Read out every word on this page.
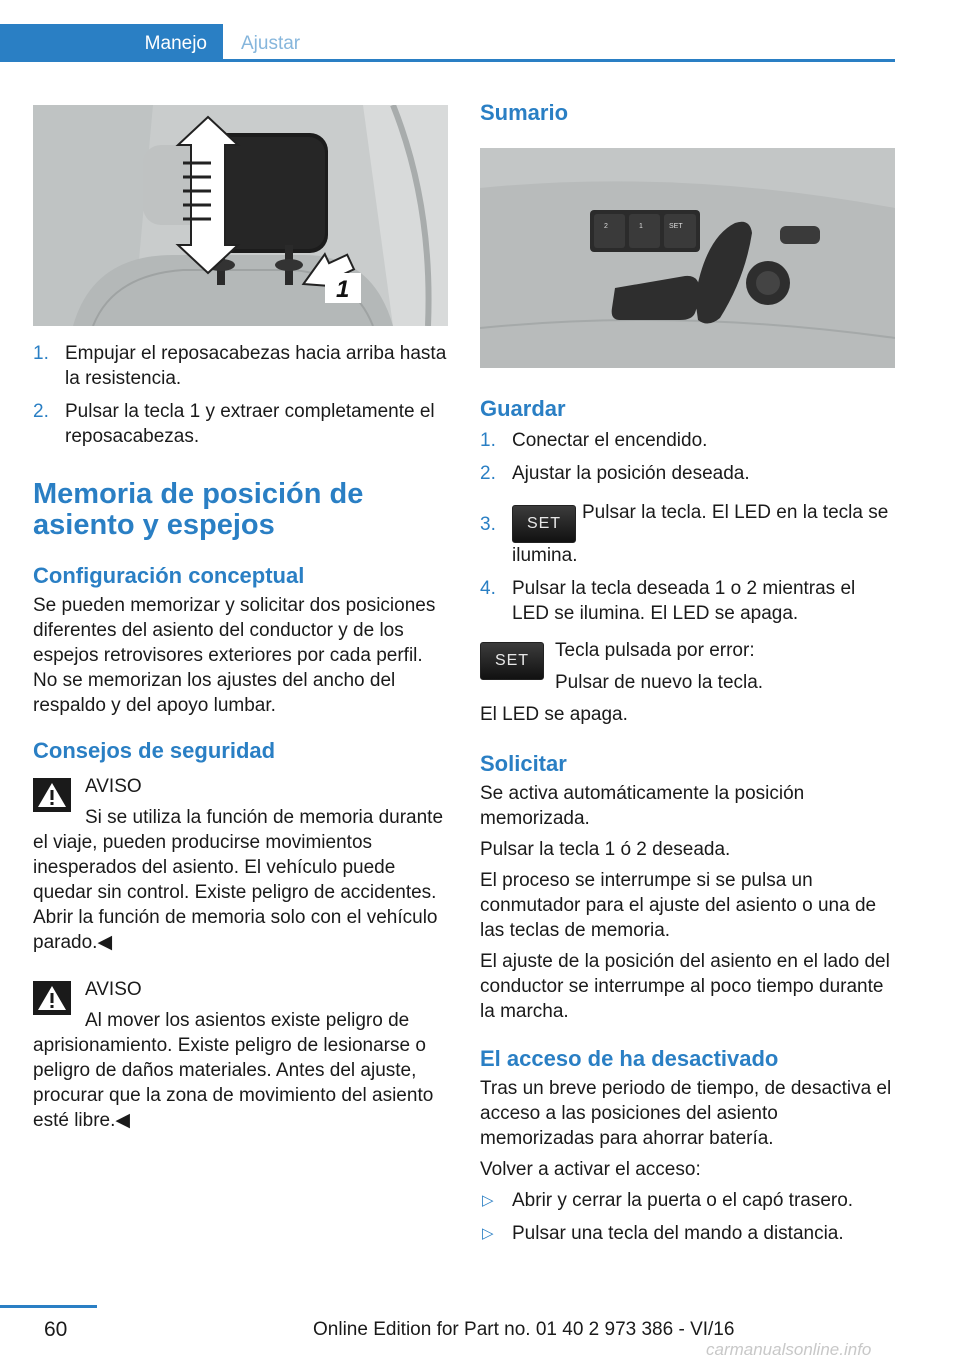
Manejo Ajustar
1
1. Empujar el reposacabezas hacia arriba hasta la resistencia.
2. Pulsar la tecla 1 y extraer completamente el reposacabezas.
Memoria de posición de asiento y espejos
Configuración conceptual

Se pueden memorizar y solicitar dos posiciones diferentes del asiento del conductor y de los espejos retrovisores exteriores por cada perfil. No se memorizan los ajustes del ancho del respaldo y del apoyo lumbar.

Consejos de seguridad
AVISO

Si se utiliza la función de memoria durante el viaje, pueden producirse movimientos inesperados del asiento. El vehículo puede quedar sin control. Existe peligro de accidentes. Abrir la función de memoria solo con el vehículo parado.◀

AVISO

Al mover los asientos existe peligro de aprisionamiento. Existe peligro de lesionarse o peligro de daños materiales. Antes del ajuste, procurar que la zona de movimiento del asiento esté libre.◀

Sumario
2	1	SET
Guardar
1. Conectar el encendido.
2. Ajustar la posición deseada.
3. SETPulsar la tecla. El LED en la tecla se ilumina.
4. Pulsar la tecla deseada 1 o 2 mientras el LED se ilumina. El LED se apaga.
SET	Tecla pulsada por error:
Pulsar de nuevo la tecla.

El LED se apaga.

Solicitar

Se activa automáticamente la posición memorizada.

Pulsar la tecla 1 ó 2 deseada.

El proceso se interrumpe si se pulsa un conmutador para el ajuste del asiento o una de las teclas de memoria.

El ajuste de la posición del asiento en el lado del conductor se interrumpe al poco tiempo durante la marcha.

El acceso de ha desactivado

Tras un breve periodo de tiempo, de desactiva el acceso a las posiciones del asiento memorizadas para ahorrar batería.

Volver a activar el acceso:

▷ Abrir y cerrar la puerta o el capó trasero.
▷ Pulsar una tecla del mando a distancia.
60	Online Edition for Part no. 01 40 2 973 386 - VI/16
carmanualsonline.info
